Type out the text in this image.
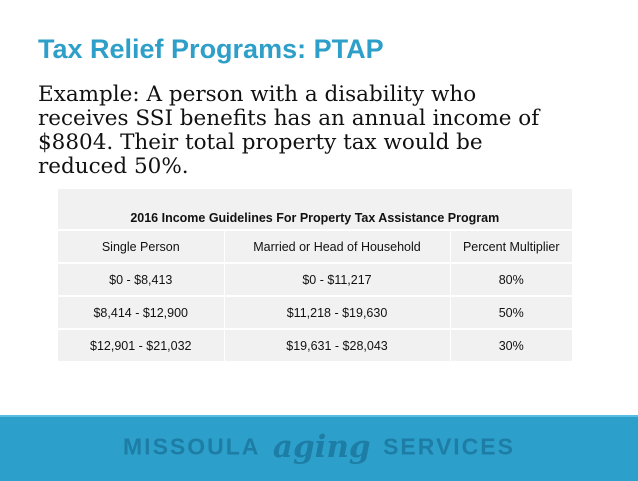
Tax Relief Programs: PTAP

Example: A person with a disability who
receives SSI benefits has an annual income of
$8804. Their total property tax would be
reduced 50%.

2016 Income Guidelines For Property Tax Assistance Program		
Single Person	Married or Head of Household	Percent Multiplier
$0 - $8,413	$0 - $11,217	80%
$8,414 - $12,900	$11,218 - $19,630	50%
$12,901 - $21,032	$19,631 - $28,043	30%
MISSOULA aging SERVICES
